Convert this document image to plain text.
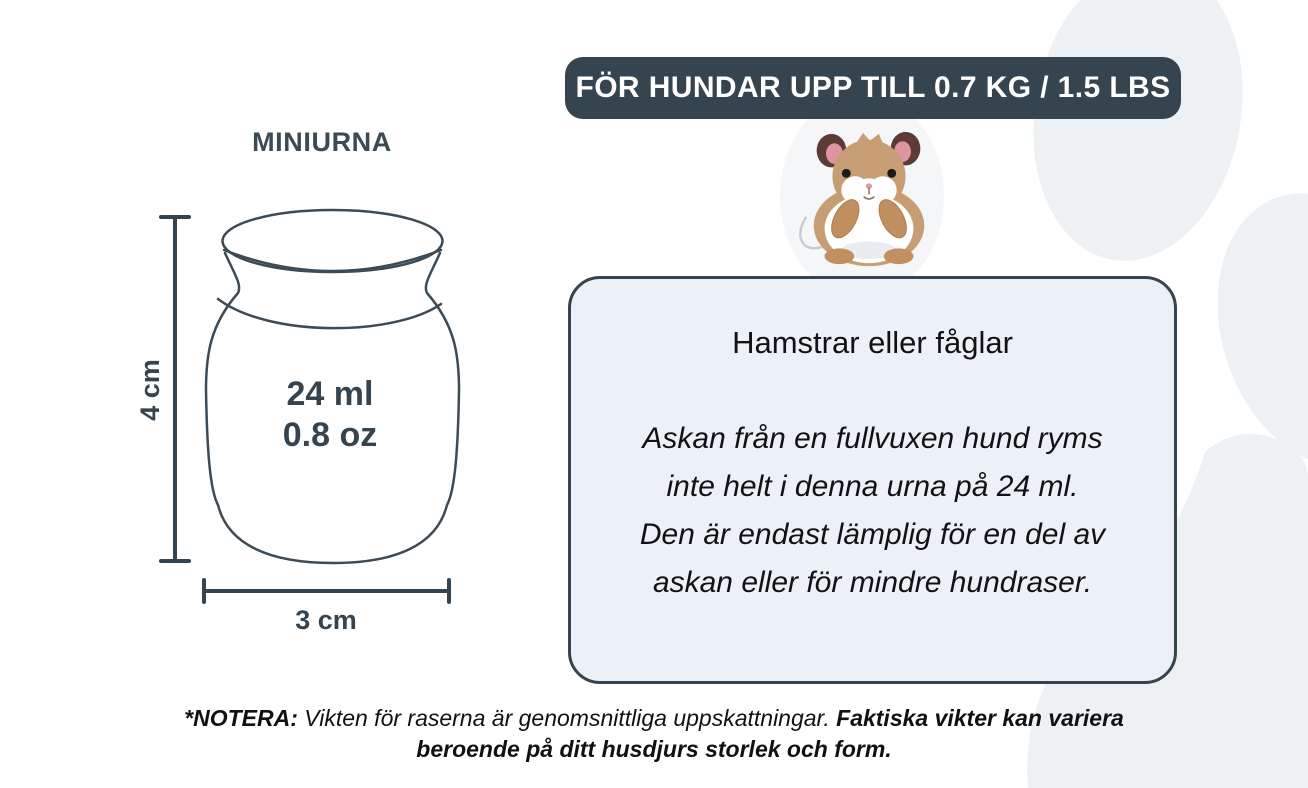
FÖR HUNDAR UPP TILL 0.7 KG / 1.5 LBS
MINIURNA
24 ml
0.8 oz
4 cm
3 cm
Hamstrar eller fåglar
Askan från en fullvuxen hund ryms
inte helt i denna urna på 24 ml.
Den är endast lämplig för en del av
askan eller för mindre hundraser.
*NOTERA: Vikten för raserna är genomsnittliga uppskattningar. Faktiska vikter kan variera
beroende på ditt husdjurs storlek och form.
